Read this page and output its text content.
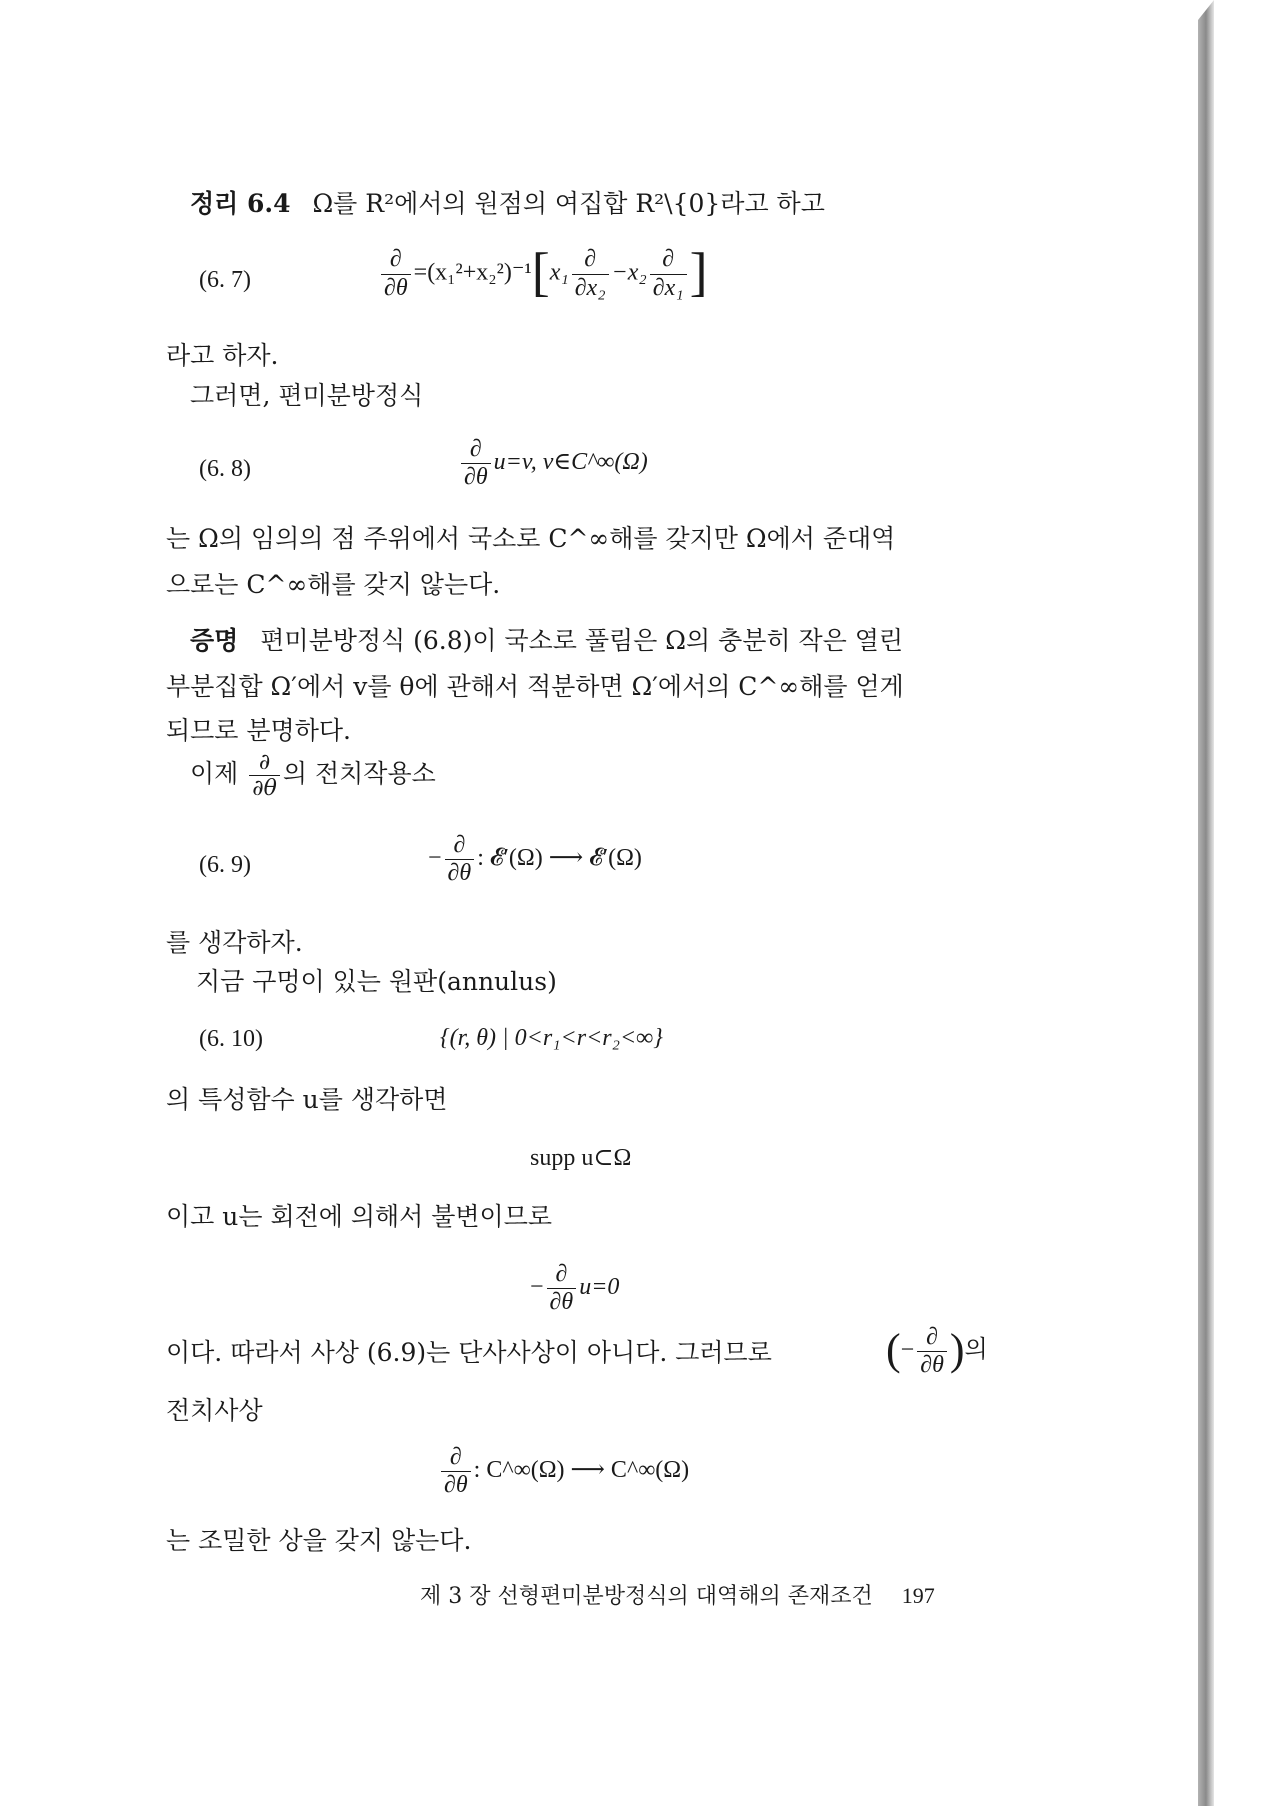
정리 6.4 Ω를 R²에서의 원점의 여집합 R²\{0}라고 하고
(6. 7)	$\frac{\partial}{\partial\theta} =(x_1^2+x_2^2)^{-1}[x_1 \frac{\partial}{\text{∂x₂}} -x_2 \frac{\partial}{\text{∂x₁}}$ ]
라고 하자.
그러면, 편미분방정식
(6. 8)	$\frac{\partial}{\partial\theta} u=v$, v∈C^∞(Ω)
는 Ω의 임의의 점 주위에서 국소로 C^∞해를 갖지만 Ω에서 준대역
으로는 C^∞해를 갖지 않는다.
증명 편미분방정식 (6.8)이 국소로 풀림은 Ω의 충분히 작은 열린
부분집합 Ω′에서 v를 θ에 관해서 적분하면 Ω′에서의 C^∞해를 얻게
되므로 분명하다.
이제 $\frac{\partial}{\partial\theta}$ 의 전치작용소
(6. 9)	− $\frac{\partial}{\partial\theta}$ : 𝓔′(Ω) ⟶ 𝓔′(Ω)
를 생각하자.
지금 구멍이 있는 원판(annulus)
(6. 10)	{(r, θ) | 0<r₁<r<r₂<∞}
의 특성함수 u를 생각하면
supp u⊂Ω
이고 u는 회전에 의해서 불변이므로
− $\frac{\partial}{\partial\theta} u=0$
이다. 따라서 사상 (6.9)는 단사사상이 아니다. 그러므로	(− $\frac{\partial}{\partial\theta}$ )의
전치사상
$\frac{\partial}{\partial\theta}$ : C^∞(Ω) ⟶ C^∞(Ω)
는 조밀한 상을 갖지 않는다.
제 3 장 선형편미분방정식의 대역해의 존재조건 197
